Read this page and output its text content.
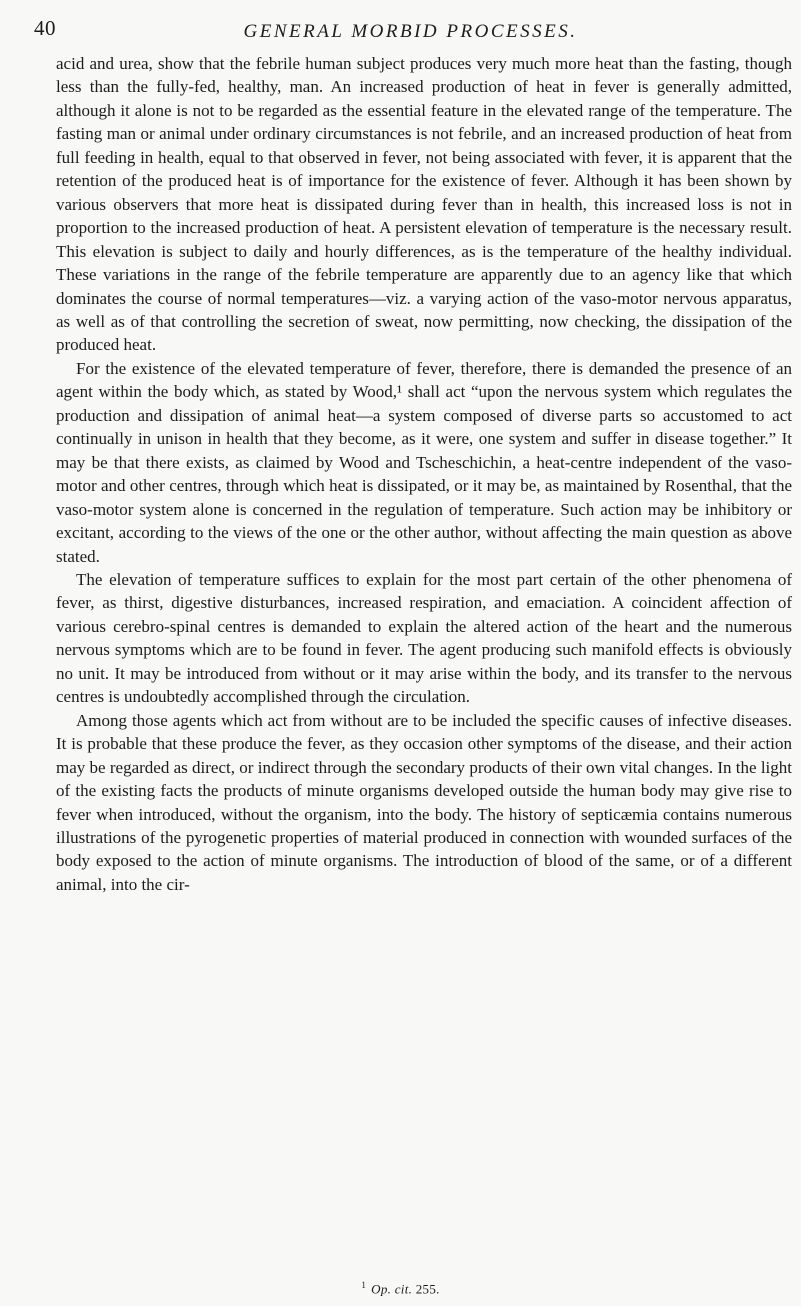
40	GENERAL MORBID PROCESSES.

acid and urea, show that the febrile human subject produces very much more heat than the fasting, though less than the fully-fed, healthy, man. An increased production of heat in fever is generally admitted, although it alone is not to be regarded as the essential feature in the elevated range of the temperature. The fasting man or animal under ordinary circumstances is not febrile, and an increased production of heat from full feeding in health, equal to that observed in fever, not being associated with fever, it is apparent that the retention of the produced heat is of importance for the existence of fever. Although it has been shown by various observers that more heat is dissipated during fever than in health, this increased loss is not in proportion to the increased production of heat. A persistent elevation of temperature is the necessary result. This elevation is subject to daily and hourly differences, as is the temperature of the healthy individual. These variations in the range of the febrile temperature are apparently due to an agency like that which dominates the course of normal temperatures—viz. a varying action of the vaso-motor nervous apparatus, as well as of that controlling the secretion of sweat, now permitting, now checking, the dissipation of the produced heat.

For the existence of the elevated temperature of fever, therefore, there is demanded the presence of an agent within the body which, as stated by Wood,¹ shall act “upon the nervous system which regulates the production and dissipation of animal heat—a system composed of diverse parts so accustomed to act continually in unison in health that they become, as it were, one system and suffer in disease together.” It may be that there exists, as claimed by Wood and Tscheschichin, a heat-centre independent of the vaso-motor and other centres, through which heat is dissipated, or it may be, as maintained by Rosenthal, that the vaso-motor system alone is concerned in the regulation of temperature. Such action may be inhibitory or excitant, according to the views of the one or the other author, without affecting the main question as above stated.

The elevation of temperature suffices to explain for the most part certain of the other phenomena of fever, as thirst, digestive disturbances, increased respiration, and emaciation. A coincident affection of various cerebro-spinal centres is demanded to explain the altered action of the heart and the numerous nervous symptoms which are to be found in fever. The agent producing such manifold effects is obviously no unit. It may be introduced from without or it may arise within the body, and its transfer to the nervous centres is undoubtedly accomplished through the circulation.

Among those agents which act from without are to be included the specific causes of infective diseases. It is probable that these produce the fever, as they occasion other symptoms of the disease, and their action may be regarded as direct, or indirect through the secondary products of their own vital changes. In the light of the existing facts the products of minute organisms developed outside the human body may give rise to fever when introduced, without the organism, into the body. The history of septicæmia contains numerous illustrations of the pyrogenetic properties of material produced in connection with wounded surfaces of the body exposed to the action of minute organisms. The introduction of blood of the same, or of a different animal, into the cir-

$^1$ Op. cit. 255.
